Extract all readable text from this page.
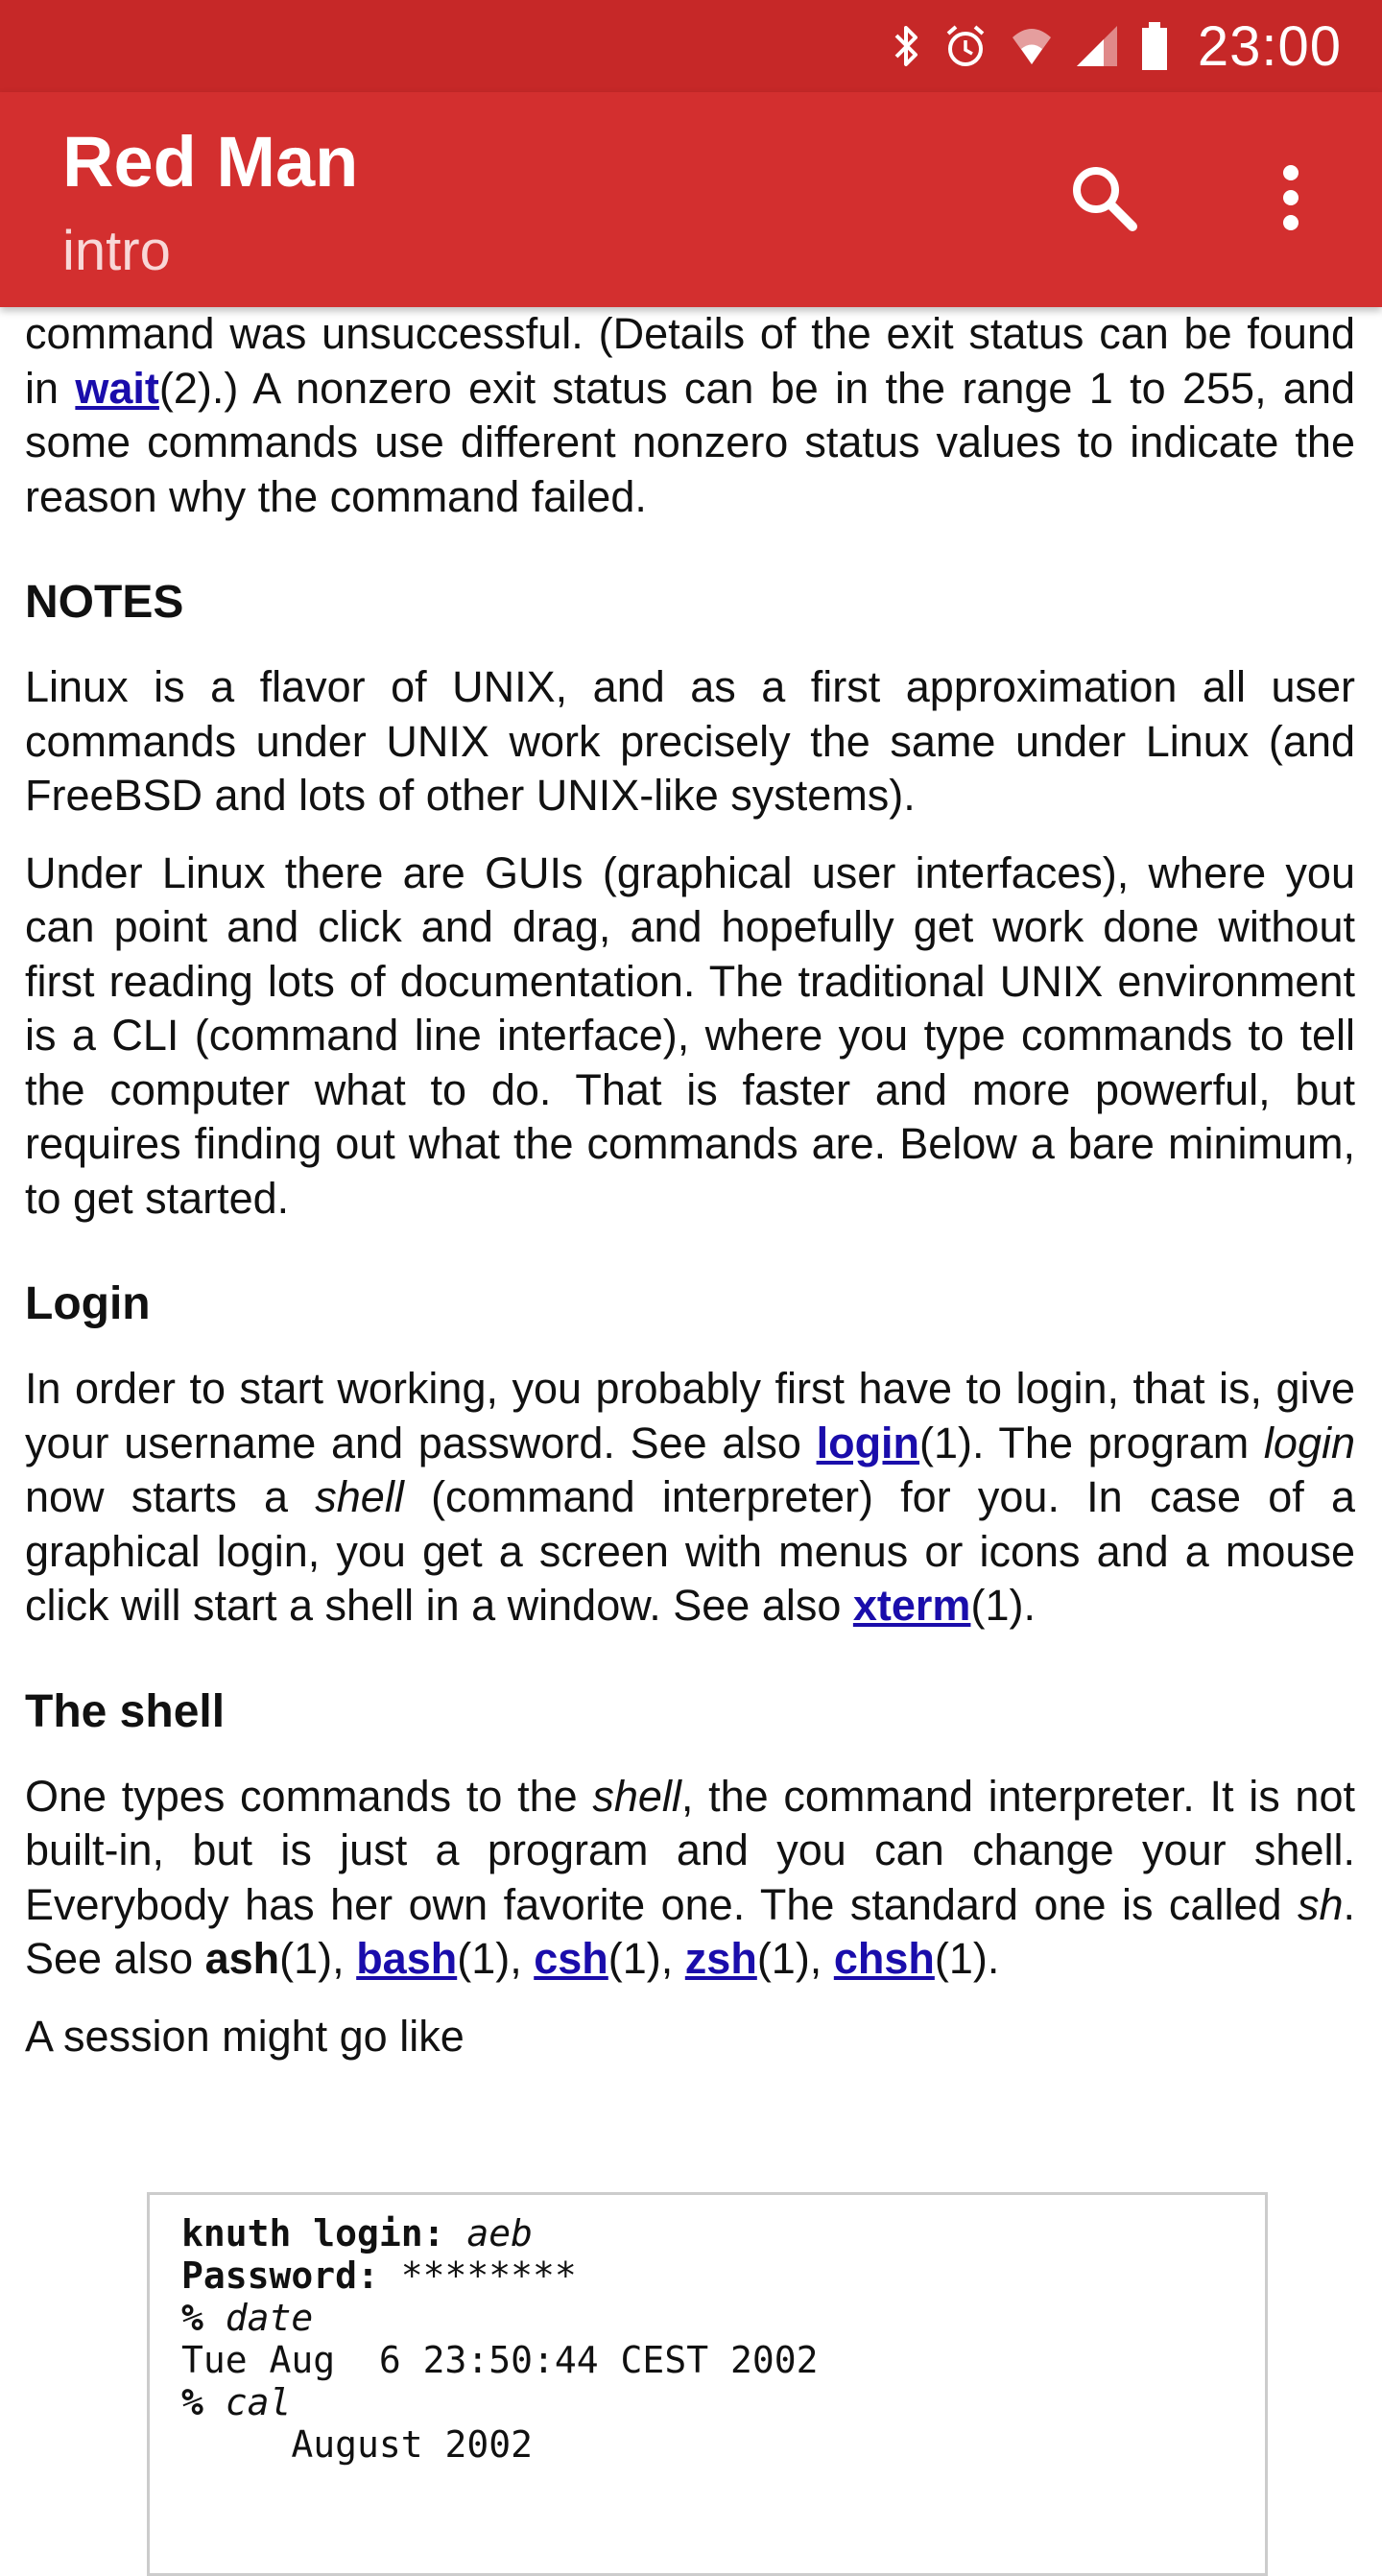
23:00
Red Man
intro

command was unsuccessful. (Details of the exit status can be found in wait(2).) A nonzero exit status can be in the range 1 to 255, and some commands use different nonzero status values to indicate the reason why the command failed.

NOTES

Linux is a flavor of UNIX, and as a first approximation all user commands under UNIX work precisely the same under Linux (and FreeBSD and lots of other UNIX-like systems).

Under Linux there are GUIs (graphical user interfaces), where you can point and click and drag, and hopefully get work done without first reading lots of documentation. The traditional UNIX environment is a CLI (command line interface), where you type commands to tell the computer what to do. That is faster and more powerful, but requires finding out what the commands are. Below a bare minimum, to get started.

Login

In order to start working, you probably first have to login, that is, give your username and password. See also login(1). The program login now starts a shell (command interpreter) for you. In case of a graphical login, you get a screen with menus or icons and a mouse click will start a shell in a window. See also xterm(1).

The shell

One types commands to the shell, the command interpreter. It is not built-in, but is just a program and you can change your shell. Everybody has her own favorite one. The standard one is called sh. See also ash(1), bash(1), csh(1), zsh(1), chsh(1).

A session might go like

knuth login: aeb
Password: ********
% date
Tue Aug  6 23:50:44 CEST 2002
% cal
August 2002
